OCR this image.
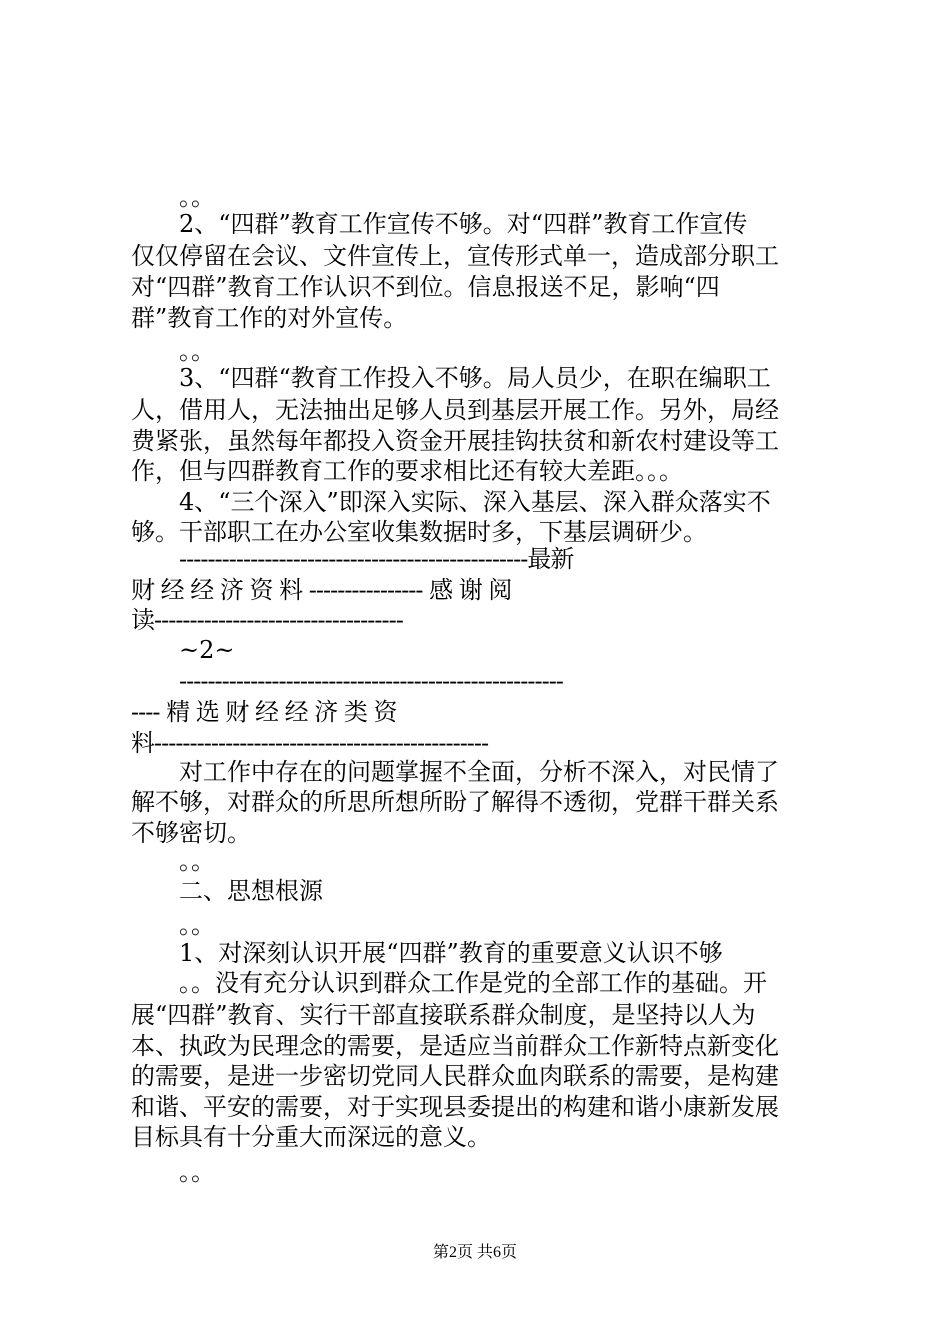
。。
2、“四群”教育工作宣传不够。对“四群”教育工作宣传
仅仅停留在会议、文件宣传上，宣传形式单一，造成部分职工
对“四群”教育工作认识不到位。信息报送不足，影响“四
群”教育工作的对外宣传。
。。
3、“四群“教育工作投入不够。局人员少，在职在编职工
人，借用人，无法抽出足够人员到基层开展工作。另外，局经
费紧张，虽然每年都投入资金开展挂钩扶贫和新农村建设等工
作，但与四群教育工作的要求相比还有较大差距。。。
4、“三个深入”即深入实际、深入基层、深入群众落实不
够。干部职工在办公室收集数据时多，下基层调研少。
-------------------------------------------------最新
财 经 经 济 资 料 ---------------- 感 谢 阅
读-----------------------------------
~2~
------------------------------------------------------
---- 精 选 财 经 经 济 类 资
料-----------------------------------------------
对工作中存在的问题掌握不全面，分析不深入，对民情了
解不够，对群众的所思所想所盼了解得不透彻，党群干群关系
不够密切。
。。
二、思想根源
。。
1、对深刻认识开展“四群”教育的重要意义认识不够
。。没有充分认识到群众工作是党的全部工作的基础。开
展“四群”教育、实行干部直接联系群众制度，是坚持以人为
本、执政为民理念的需要，是适应当前群众工作新特点新变化
的需要，是进一步密切党同人民群众血肉联系的需要，是构建
和谐、平安的需要，对于实现县委提出的构建和谐小康新发展
目标具有十分重大而深远的意义。
。。
第2页 共6页
